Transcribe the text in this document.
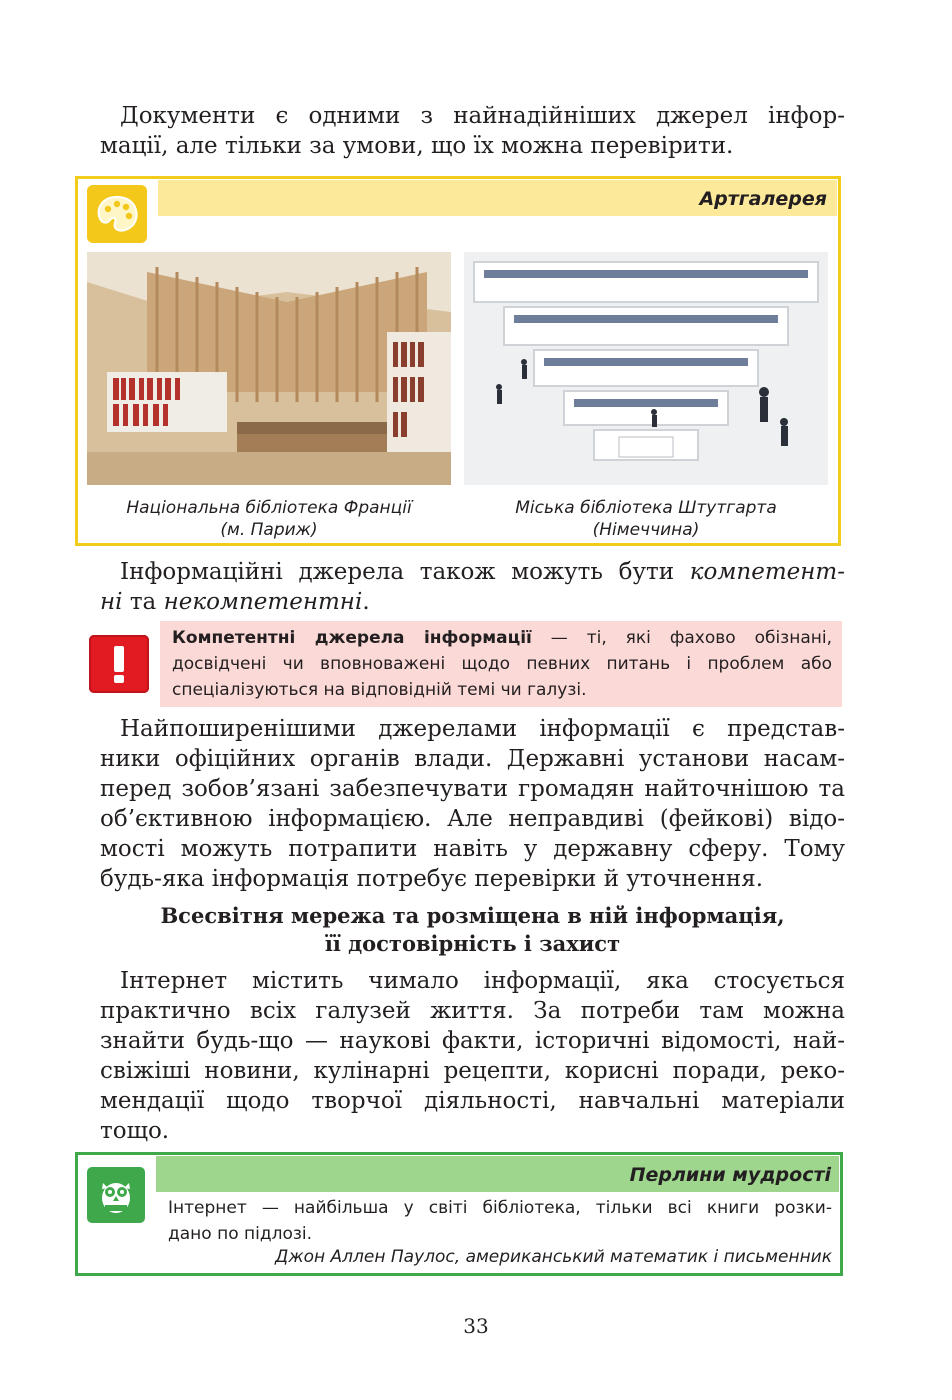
Документи є одними з найнадійніших джерел інфор-
мації, але тільки за умови, що їх можна перевірити.
Артгалерея
Національна бібліотека Франції
(м. Париж)
Міська бібліотека Штутгарта
(Німеччина)
Інформаційні джерела також можуть бути компетент-
ні та некомпетентні.
Компетентні джерела інформації — ті, які фахово обізнані,
досвідчені чи вповноважені щодо певних питань і проблем або
спеціалізуються на відповідній темі чи галузі.
Найпоширенішими джерелами інформації є представ-
ники офіційних органів влади. Державні установи насам-
перед зобов’язані забезпечувати громадян найточнішою та
об’єктивною інформацією. Але неправдиві (фейкові) відо-
мості можуть потрапити навіть у державну сферу. Тому
будь-яка інформація потребує перевірки й уточнення.
Всесвітня мережа та розміщена в ній інформація,
її достовірність і захист
Інтернет містить чимало інформації, яка стосується
практично всіх галузей життя. За потреби там можна
знайти будь-що — наукові факти, історичні відомості, най-
свіжіші новини, кулінарні рецепти, корисні поради, реко-
мендації щодо творчої діяльності, навчальні матеріали
тощо.
Перлини мудрості
Інтернет — найбільша у світі бібліотека, тільки всі книги розки-
дано по підлозі.
Джон Аллен Паулос, американський математик і письменник
33
